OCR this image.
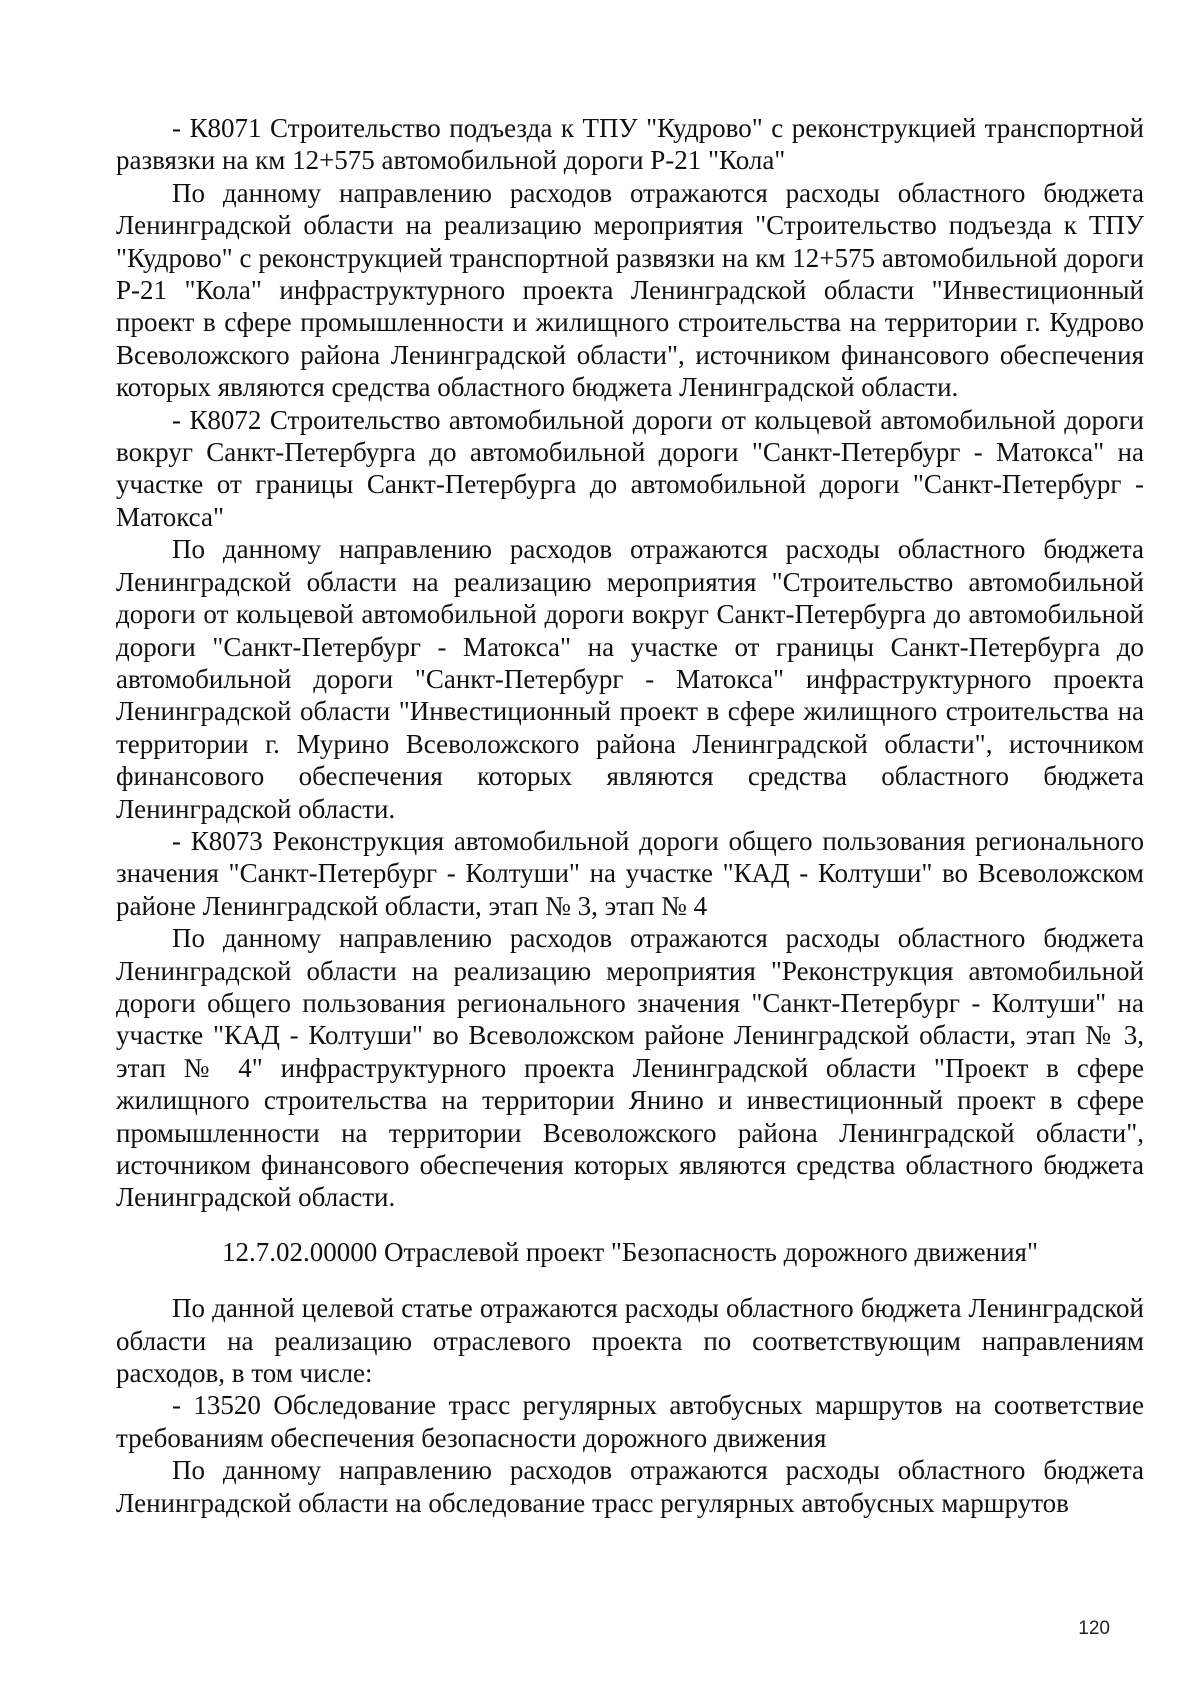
- К8071 Строительство подъезда к ТПУ "Кудрово" с реконструкцией транспортной развязки на км 12+575 автомобильной дороги Р-21 "Кола"

По данному направлению расходов отражаются расходы областного бюджета Ленинградской области на реализацию мероприятия "Строительство подъезда к ТПУ "Кудрово" с реконструкцией транспортной развязки на км 12+575 автомобильной дороги Р-21 "Кола" инфраструктурного проекта Ленинградской области "Инвестиционный проект в сфере промышленности и жилищного строительства на территории г. Кудрово Всеволожского района Ленинградской области", источником финансового обеспечения которых являются средства областного бюджета Ленинградской области.

- К8072 Строительство автомобильной дороги от кольцевой автомобильной дороги вокруг Санкт-Петербурга до автомобильной дороги "Санкт-Петербург - Матокса" на участке от границы Санкт-Петербурга до автомобильной дороги "Санкт-Петербург - Матокса"

По данному направлению расходов отражаются расходы областного бюджета Ленинградской области на реализацию мероприятия "Строительство автомобильной дороги от кольцевой автомобильной дороги вокруг Санкт-Петербурга до автомобильной дороги "Санкт-Петербург - Матокса" на участке от границы Санкт-Петербурга до автомобильной дороги "Санкт-Петербург - Матокса" инфраструктурного проекта Ленинградской области "Инвестиционный проект в сфере жилищного строительства на территории г. Мурино Всеволожского района Ленинградской области", источником финансового обеспечения которых являются средства областного бюджета Ленинградской области.

- К8073 Реконструкция автомобильной дороги общего пользования регионального значения "Санкт-Петербург - Колтуши" на участке "КАД - Колтуши" во Всеволожском районе Ленинградской области, этап № 3, этап № 4

По данному направлению расходов отражаются расходы областного бюджета Ленинградской области на реализацию мероприятия "Реконструкция автомобильной дороги общего пользования регионального значения "Санкт-Петербург - Колтуши" на участке "КАД - Колтуши" во Всеволожском районе Ленинградской области, этап № 3, этап № 4" инфраструктурного проекта Ленинградской области "Проект в сфере жилищного строительства на территории Янино и инвестиционный проект в сфере промышленности на территории Всеволожского района Ленинградской области", источником финансового обеспечения которых являются средства областного бюджета Ленинградской области.

12.7.02.00000 Отраслевой проект "Безопасность дорожного движения"

По данной целевой статье отражаются расходы областного бюджета Ленинградской области на реализацию отраслевого проекта по соответствующим направлениям расходов, в том числе:

- 13520 Обследование трасс регулярных автобусных маршрутов на соответствие требованиям обеспечения безопасности дорожного движения

По данному направлению расходов отражаются расходы областного бюджета Ленинградской области на обследование трасс регулярных автобусных маршрутов

120
